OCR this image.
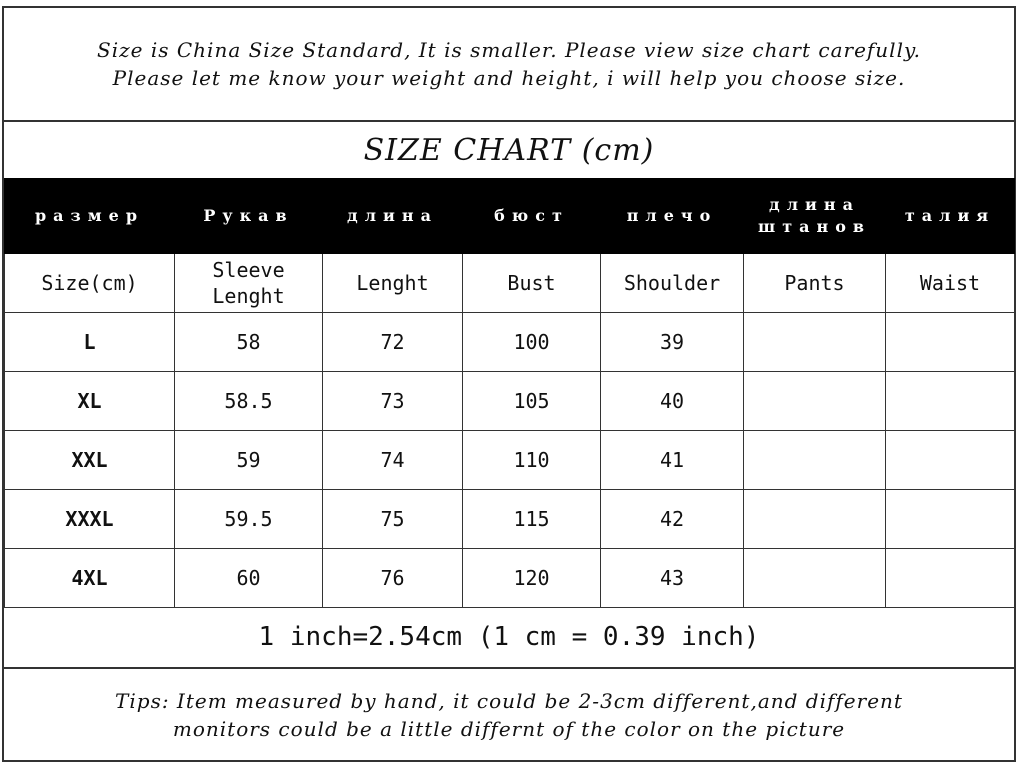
Size is China Size Standard, It is smaller. Please view size chart carefully.
Please let me know your weight and height, i will help you choose size.
SIZE CHART (cm)
размер	Рукав	длина	бюст	плечо	длина штанов	талия
Size(cm)	Sleeve Lenght	Lenght	Bust	Shoulder	Pants	Waist
L	58	72	100	39		
XL	58.5	73	105	40		
XXL	59	74	110	41		
XXXL	59.5	75	115	42		
4XL	60	76	120	43		
1 inch=2.54cm (1 cm = 0.39 inch)
Tips: Item measured by hand, it could be 2-3cm different,and different
monitors could be a little differnt of the color on the picture
